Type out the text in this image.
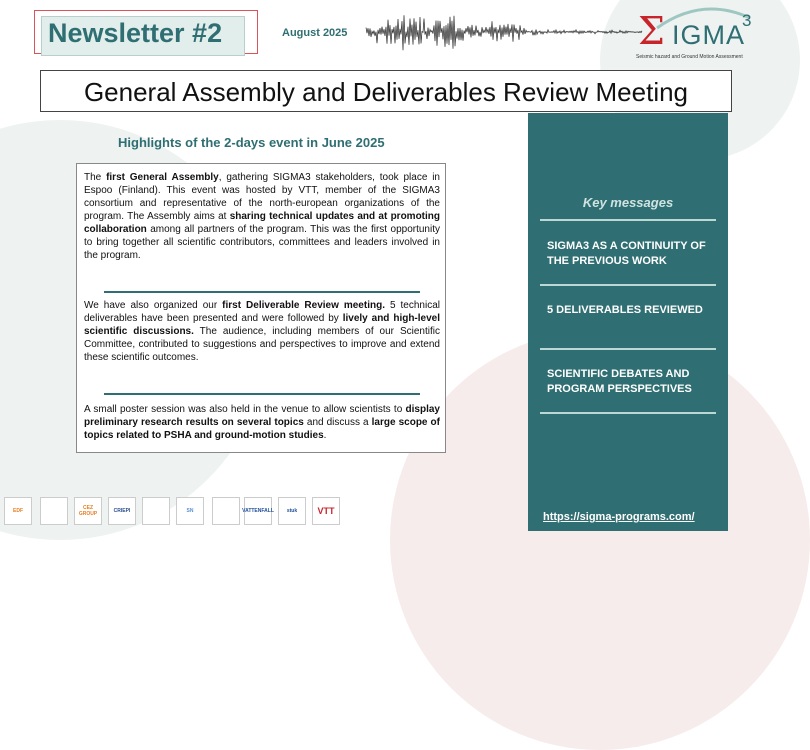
Newsletter #2	August 2025	Σ IGMA
3
Seismic hazard and Ground Motion Assessment
General Assembly and Deliverables Review Meeting
Highlights of the 2-days event in June 2025

The first General Assembly, gathering SIGMA3 stakeholders, took place in Espoo (Finland). This event was hosted by VTT, member of the SIGMA3 consortium and representative of the north-european organizations of the program. The Assembly aims at sharing technical updates and at promoting collaboration among all partners of the program. This was the first opportunity to bring together all scientific contributors, committees and leaders involved in the program.

We have also organized our first Deliverable Review meeting. 5 technical deliverables have been presented and were followed by lively and high-level scientific discussions. The audience, including members of our Scientific Committee, contributed to suggestions and perspectives to improve and extend these scientific outcomes.

A small poster session was also held in the venue to allow scientists to display preliminary research results on several topics and discuss a large scope of topics related to PSHA and ground-motion studies.

Key messages
SIGMA3 AS A CONTINUITY OF THE PREVIOUS WORK
5 DELIVERABLES REVIEWED
SCIENTIFIC DEBATES AND PROGRAM PERSPECTIVES
https://sigma-programs.com/
EDF	CEZ GROUP	CRIEPI	SN	VATTENFALL	stuk	VTT
